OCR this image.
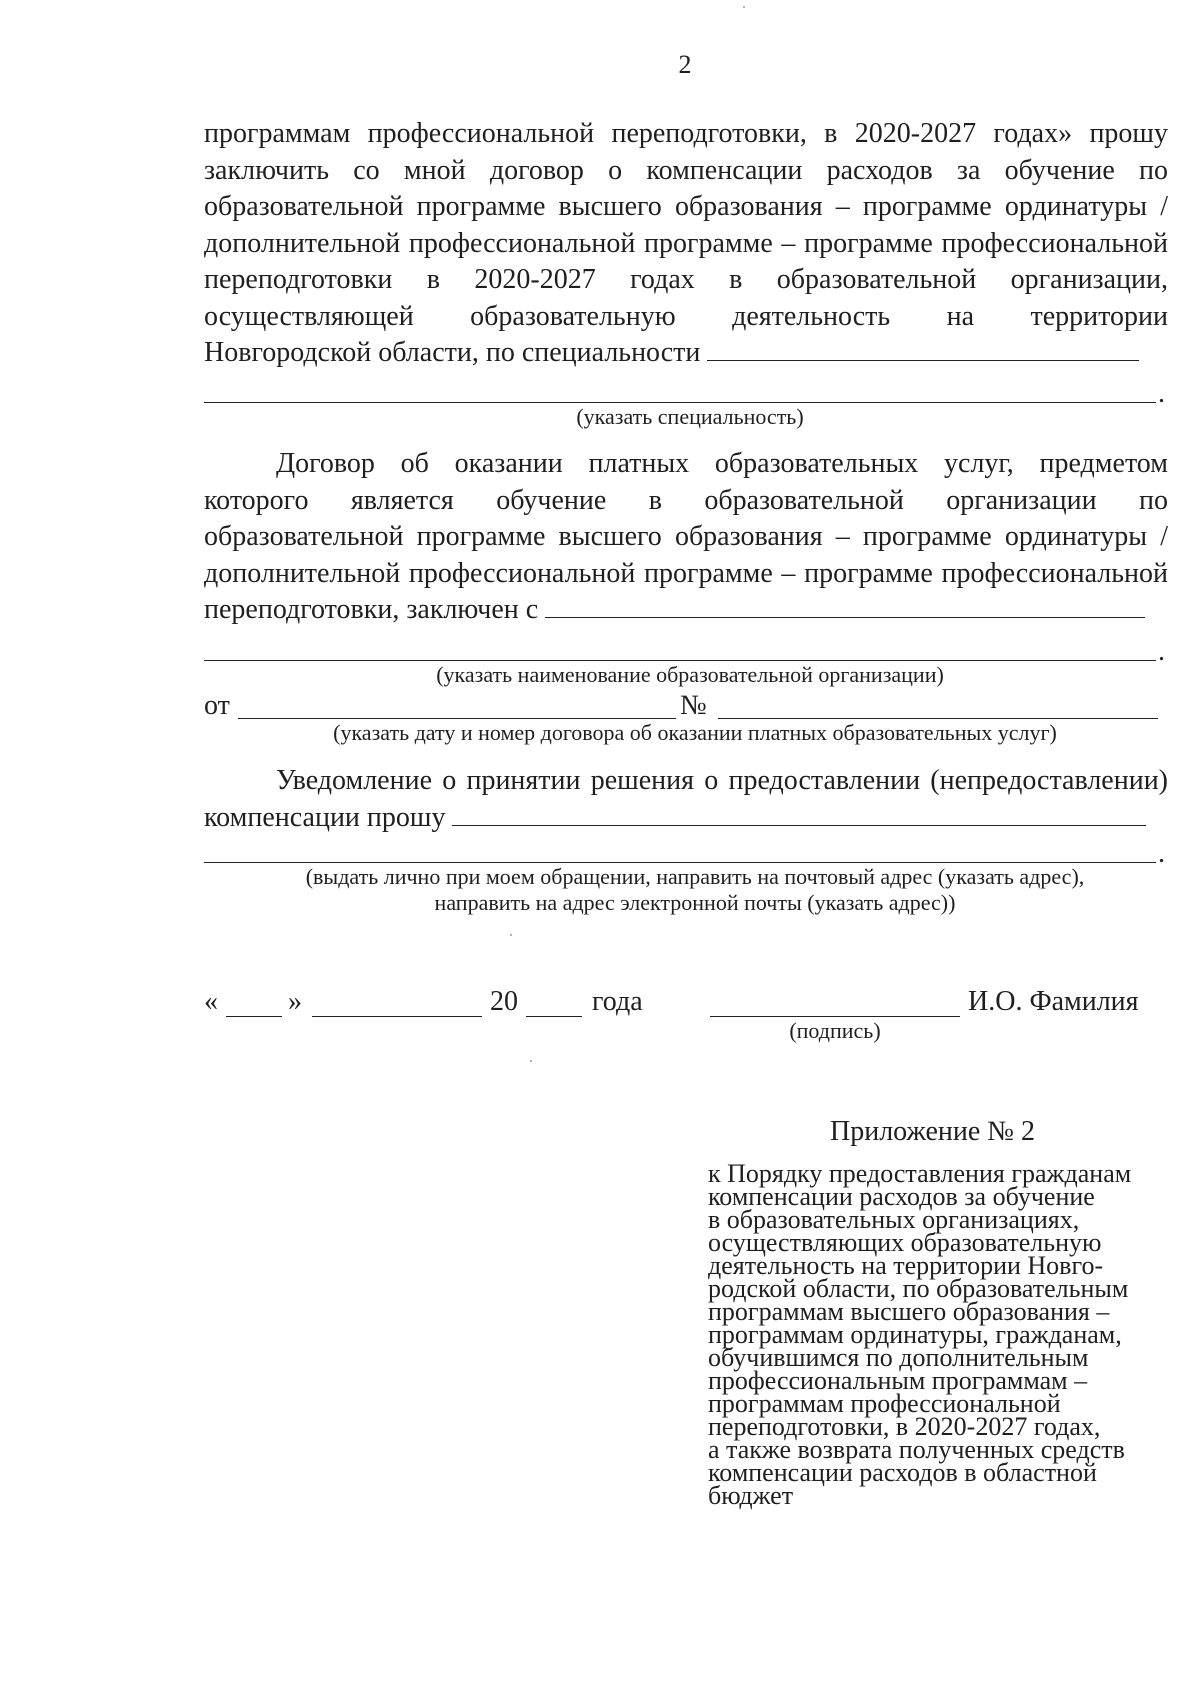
2
программам профессиональной переподготовки, в 2020-2027 годах» прошу
заключить со мной договор о компенсации расходов за обучение по
образовательной программе высшего образования – программе ординатуры /
дополнительной профессиональной программе – программе профессиональной
переподготовки в 2020-2027 годах в образовательной организации,
осуществляющей образовательную деятельность на территории
Новгородской области, по специальности
.
(указать специальность)
Договор об оказании платных образовательных услуг, предметом
которого является обучение в образовательной организации по
образовательной программе высшего образования – программе ординатуры /
дополнительной профессиональной программе – программе профессиональной
переподготовки, заключен с
.
(указать наименование образовательной организации)
от	№
(указать дату и номер договора об оказании платных образовательных услуг)
Уведомление о принятии решения о предоставлении (непредоставлении)
компенсации прошу
.
(выдать лично при моем обращении, направить на почтовый адрес (указать адрес),
направить на адрес электронной почты (указать адрес))
«	»	20	года	И.О. Фамилия
(подпись)
Приложение № 2
к Порядку предоставления гражданам
компенсации расходов за обучение
в образовательных организациях,
осуществляющих образовательную
деятельность на территории Новго-
родской области, по образовательным
программам высшего образования –
программам ординатуры, гражданам,
обучившимся по дополнительным
профессиональным программам –
программам профессиональной
переподготовки, в 2020-2027 годах,
а также возврата полученных средств
компенсации расходов в областной
бюджет
